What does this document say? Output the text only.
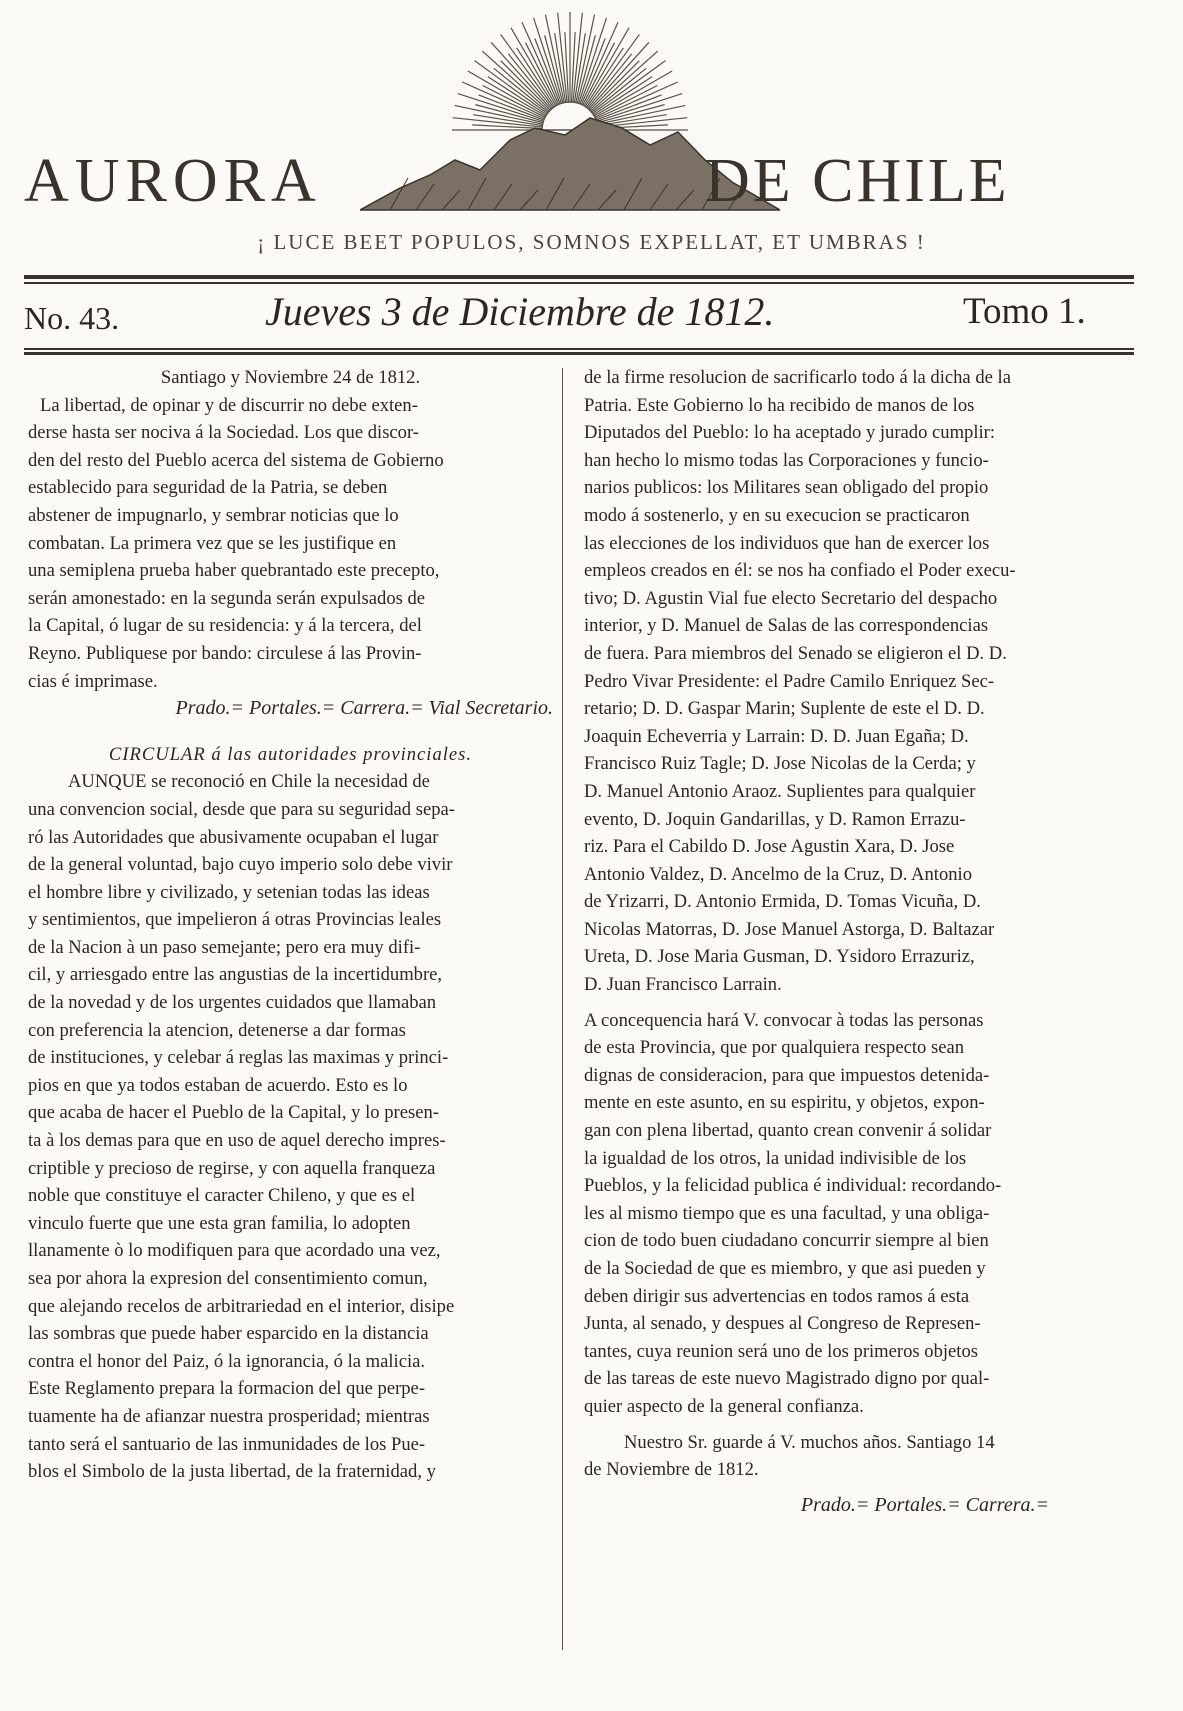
AURORA	DE CHILE
¡ LUCE BEET POPULOS, SOMNOS EXPELLAT, ET UMBRAS !
No. 43.	Jueves 3 de Diciembre de 1812.	Tomo 1.
Santiago y Noviembre 24 de 1812.
La libertad, de opinar y de discurrir no debe exten-
derse hasta ser nociva á la Sociedad. Los que discor-
den del resto del Pueblo acerca del sistema de Gobierno
establecido para seguridad de la Patria, se deben
abstener de impugnarlo, y sembrar noticias que lo
combatan. La primera vez que se les justifique en
una semiplena prueba haber quebrantado este precepto,
serán amonestado: en la segunda serán expulsados de
la Capital, ó lugar de su residencia: y á la tercera, del
Reyno. Publiquese por bando: circulese á las Provin-
cias é imprimase.
Prado.= Portales.= Carrera.= Vial Secretario.
CIRCULAR á las autoridades provinciales.
AUNQUE se reconoció en Chile la necesidad de
una convencion social, desde que para su seguridad sepa-
ró las Autoridades que abusivamente ocupaban el lugar
de la general voluntad, bajo cuyo imperio solo debe vivir
el hombre libre y civilizado, y setenian todas las ideas
y sentimientos, que impelieron á otras Provincias leales
de la Nacion à un paso semejante; pero era muy difi-
cil, y arriesgado entre las angustias de la incertidumbre,
de la novedad y de los urgentes cuidados que llamaban
con preferencia la atencion, detenerse a dar formas
de instituciones, y celebar á reglas las maximas y princi-
pios en que ya todos estaban de acuerdo. Esto es lo
que acaba de hacer el Pueblo de la Capital, y lo presen-
ta à los demas para que en uso de aquel derecho impres-
criptible y precioso de regirse, y con aquella franqueza
noble que constituye el caracter Chileno, y que es el
vinculo fuerte que une esta gran familia, lo adopten
llanamente ò lo modifiquen para que acordado una vez,
sea por ahora la expresion del consentimiento comun,
que alejando recelos de arbitrariedad en el interior, disipe
las sombras que puede haber esparcido en la distancia
contra el honor del Paiz, ó la ignorancia, ó la malicia.
Este Reglamento prepara la formacion del que perpe-
tuamente ha de afianzar nuestra prosperidad; mientras
tanto será el santuario de las inmunidades de los Pue-
blos el Simbolo de la justa libertad, de la fraternidad, y
de la firme resolucion de sacrificarlo todo á la dicha de la
Patria. Este Gobierno lo ha recibido de manos de los
Diputados del Pueblo: lo ha aceptado y jurado cumplir:
han hecho lo mismo todas las Corporaciones y funcio-
narios publicos: los Militares sean obligado del propio
modo á sostenerlo, y en su execucion se practicaron
las elecciones de los individuos que han de exercer los
empleos creados en él: se nos ha confiado el Poder execu-
tivo; D. Agustin Vial fue electo Secretario del despacho
interior, y D. Manuel de Salas de las correspondencias
de fuera. Para miembros del Senado se eligieron el D. D.
Pedro Vivar Presidente: el Padre Camilo Enriquez Sec-
retario; D. D. Gaspar Marin; Suplente de este el D. D.
Joaquin Echeverria y Larrain: D. D. Juan Egaña; D.
Francisco Ruiz Tagle; D. Jose Nicolas de la Cerda; y
D. Manuel Antonio Araoz. Suplientes para qualquier
evento, D. Joquin Gandarillas, y D. Ramon Errazu-
riz. Para el Cabildo D. Jose Agustin Xara, D. Jose
Antonio Valdez, D. Ancelmo de la Cruz, D. Antonio
de Yrizarri, D. Antonio Ermida, D. Tomas Vicuña, D.
Nicolas Matorras, D. Jose Manuel Astorga, D. Baltazar
Ureta, D. Jose Maria Gusman, D. Ysidoro Errazuriz,
D. Juan Francisco Larrain.
A concequencia hará V. convocar à todas las personas
de esta Provincia, que por qualquiera respecto sean
dignas de consideracion, para que impuestos detenida-
mente en este asunto, en su espiritu, y objetos, expon-
gan con plena libertad, quanto crean convenir á solidar
la igualdad de los otros, la unidad indivisible de los
Pueblos, y la felicidad publica é individual: recordando-
les al mismo tiempo que es una facultad, y una obliga-
cion de todo buen ciudadano concurrir siempre al bien
de la Sociedad de que es miembro, y que asi pueden y
deben dirigir sus advertencias en todos ramos á esta
Junta, al senado, y despues al Congreso de Represen-
tantes, cuya reunion será uno de los primeros objetos
de las tareas de este nuevo Magistrado digno por qual-
quier aspecto de la general confianza.
Nuestro Sr. guarde á V. muchos años. Santiago 14
de Noviembre de 1812.
Prado.= Portales.= Carrera.=
